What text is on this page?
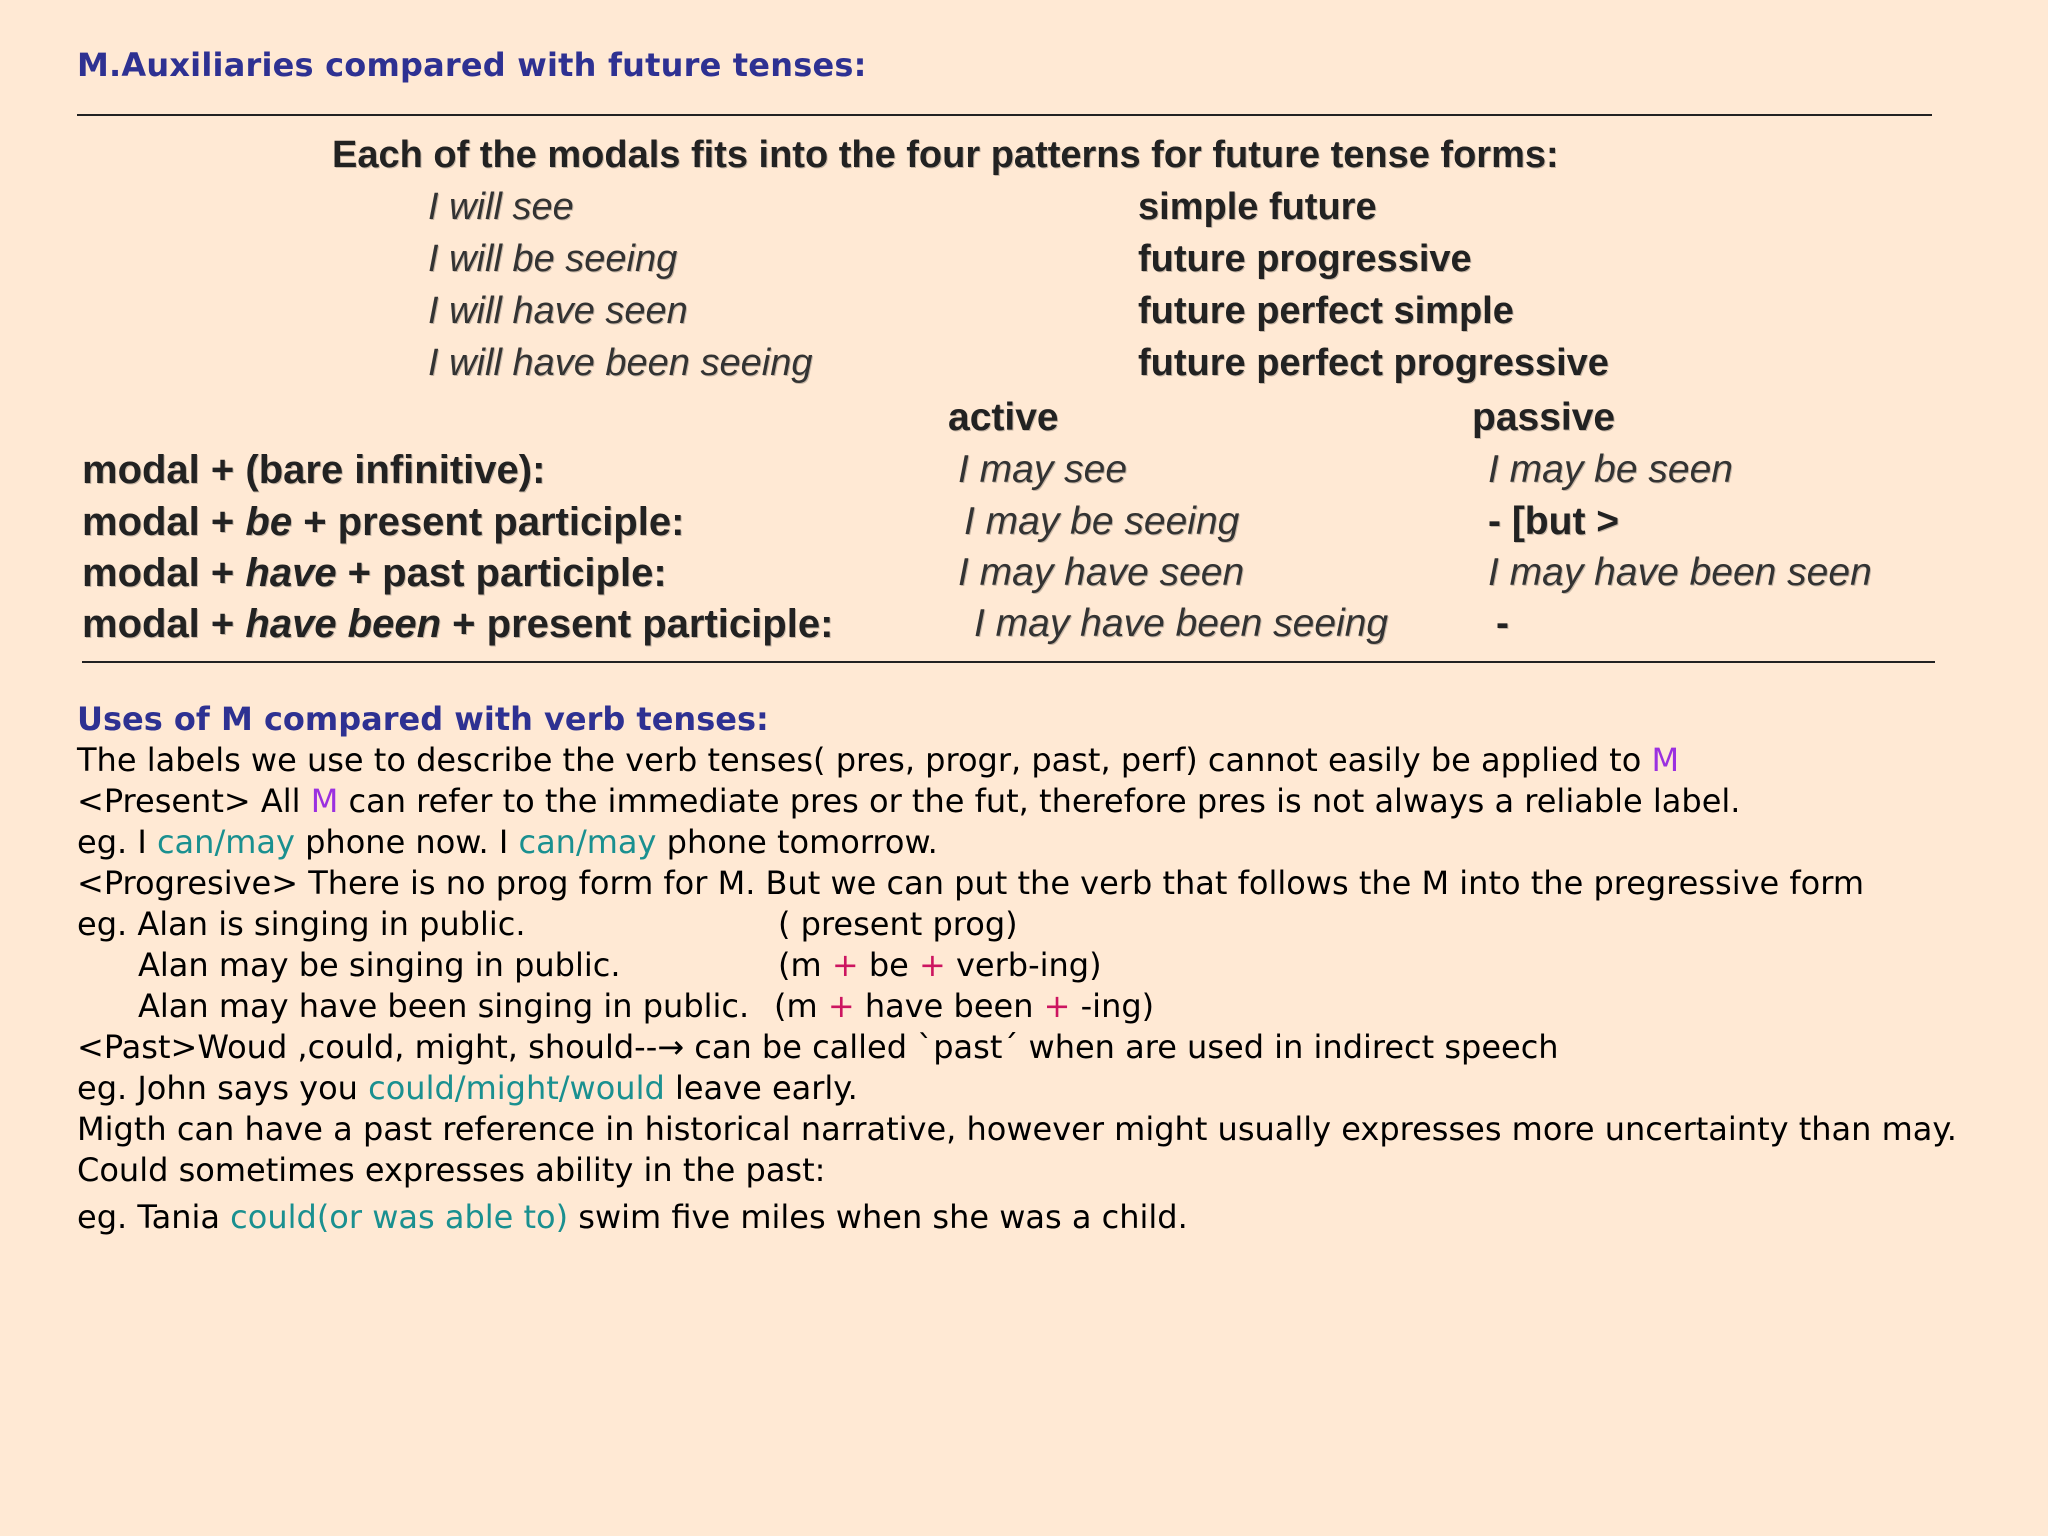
M.Auxiliaries compared with future tenses:
Each of the modals fits into the four patterns for future tense forms:
I will see	simple future
I will be seeing	future progressive
I will have seen	future perfect simple
I will have been seeing	future perfect progressive
active	passive
modal + (bare infinitive):	I may see	I may be seen
modal + be + present participle:	I may be seeing	- [but >
modal + have + past participle:	I may have seen	I may have been seen
modal + have been + present participle:	I may have been seeing	-
Uses of M compared with verb tenses:
The labels we use to describe the verb tenses( pres, progr, past, perf) cannot easily be applied to M
<Present> All M can refer to the immediate pres or the fut, therefore pres is not always a reliable label.
eg. I can/may phone now. I can/may phone tomorrow.
<Progresive> There is no prog form for M. But we can put the verb that follows the M into the pregressive form
eg. Alan is singing in public.	( present prog)
Alan may be singing in public.	(m + be + verb-ing)
Alan may have been singing in public. (m + have been + -ing)
<Past>Woud ,could, might, should--→ can be called `past´ when are used in indirect speech
eg. John says you could/might/would leave early.
Migth can have a past reference in historical narrative, however might usually expresses more uncertainty than may.
Could sometimes expresses ability in the past:
eg. Tania could(or was able to) swim five miles when she was a child.
